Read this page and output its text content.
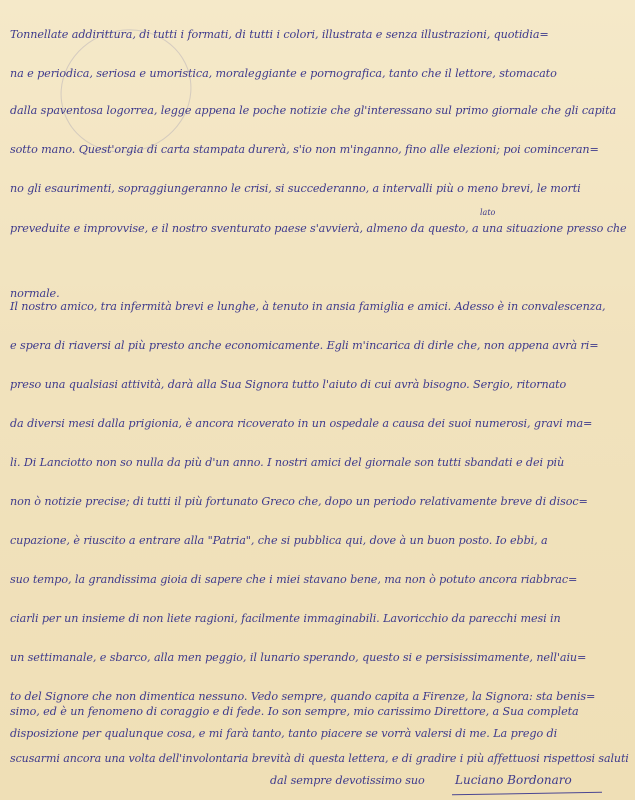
Tonnellate addirittura, di tutti i formati, di tutti i colori, illustrata e senza illustrazioni, quotidia=
na e periodica, seriosa e umoristica, moraleggiante e pornografica, tanto che il lettore, stomacato
dalla spaventosa logorrea, legge appena le poche notizie che gl'interessano sul primo giornale che gli capita
sotto mano. Quest'orgia di carta stampata durerà, s'io non m'inganno, fino alle elezioni; poi cominceran=
no gli esaurimenti, sopraggiungeranno le crisi, si succederanno, a intervalli più o meno brevi, le morti
lato
preveduite e improvvise, e il nostro sventurato paese s'avvierà, almeno da questo, a una situazione presso che
normale.
Il nostro amico, tra infermità brevi e lunghe, à tenuto in ansia famiglia e amici. Adesso è in convalescenza,
e spera di riaversi al più presto anche economicamente. Egli m'incarica di dirle che, non appena avrà ri=
preso una qualsiasi attività, darà alla Sua Signora tutto l'aiuto di cui avrà bisogno. Sergio, ritornato
da diversi mesi dalla prigionia, è ancora ricoverato in un ospedale a causa dei suoi numerosi, gravi ma=
li. Di Lanciotto non so nulla da più d'un anno. I nostri amici del giornale son tutti sbandati e dei più
non ò notizie precise; di tutti il più fortunato Greco che, dopo un periodo relativamente breve di disoc=
cupazione, è riuscito a entrare alla "Patria", che si pubblica qui, dove à un buon posto. Io ebbi, a
suo tempo, la grandissima gioia di sapere che i miei stavano bene, ma non ò potuto ancora riabbrac=
ciarli per un insieme di non liete ragioni, facilmente immaginabili. Lavoricchio da parecchi mesi in
un settimanale, e sbarco, alla men peggio, il lunario sperando, questo si e persisissimamente, nell'aiu=
to del Signore che non dimentica nessuno. Vedo sempre, quando capita a Firenze, la Signora: sta benis=
simo, ed è un fenomeno di coraggio e di fede. Io son sempre, mio carissimo Direttore, a Sua completa
disposizione per qualunque cosa, e mi farà tanto, tanto piacere se vorrà valersi di me. La prego di
scusarmi ancora una volta dell'involontaria brevità di questa lettera, e di gradire i più affettuosi rispettosi saluti
dal sempre devotissimo suo	Luciano Bordonaro
